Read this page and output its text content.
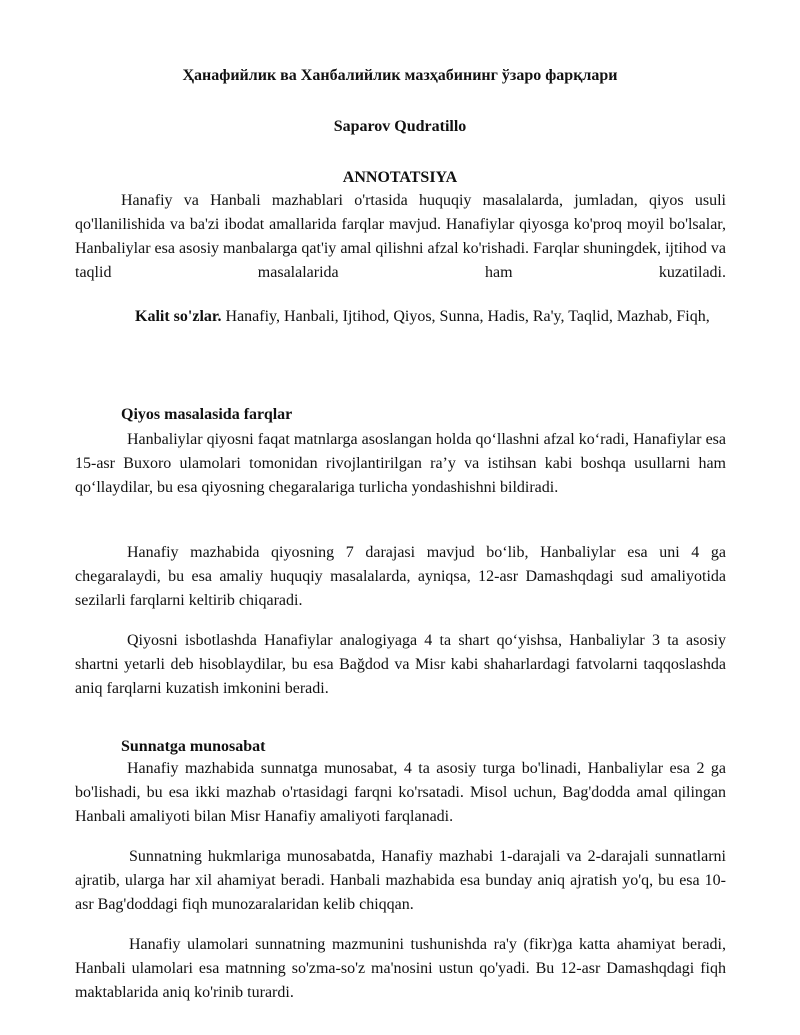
Ҳанафийлик ва Ханбалийлик мазҳабининг ўзаро фарқлари
Saparov Qudratillo
ANNOTATSIYA

Hanafiy va Hanbali mazhablari o'rtasida huquqiy masalalarda, jumladan, qiyos usuli qo'llanilishida va ba'zi ibodat amallarida farqlar mavjud. Hanafiylar qiyosga ko'proq moyil bo'lsalar, Hanbaliylar esa asosiy manbalarga qat'iy amal qilishni afzal ko'rishadi. Farqlar shuningdek, ijtihod va taqlid masalalarida ham kuzatiladi.

Kalit so'zlar. Hanafiy, Hanbali, Ijtihod, Qiyos, Sunna, Hadis, Ra'y, Taqlid, Mazhab, Fiqh,

Qiyos masalasida farqlar

Hanbaliylar qiyosni faqat matnlarga asoslangan holda qo‘llashni afzal ko‘radi, Hanafiylar esa 15-asr Buxoro ulamolari tomonidan rivojlantirilgan ra’y va istihsan kabi boshqa usullarni ham qo‘llaydilar, bu esa qiyosning chegaralariga turlicha yondashishni bildiradi.

Hanafiy mazhabida qiyosning 7 darajasi mavjud bo‘lib, Hanbaliylar esa uni 4 ga chegaralaydi, bu esa amaliy huquqiy masalalarda, ayniqsa, 12-asr Damashqdagi sud amaliyotida sezilarli farqlarni keltirib chiqaradi.

Qiyosni isbotlashda Hanafiylar analogiyaga 4 ta shart qo‘yishsa, Hanbaliylar 3 ta asosiy shartni yetarli deb hisoblaydilar, bu esa Bağdod va Misr kabi shaharlardagi fatvolarni taqqoslashda aniq farqlarni kuzatish imkonini beradi.

Sunnatga munosabat

Hanafiy mazhabida sunnatga munosabat, 4 ta asosiy turga bo'linadi, Hanbaliylar esa 2 ga bo'lishadi, bu esa ikki mazhab o'rtasidagi farqni ko'rsatadi. Misol uchun, Bag'dodda amal qilingan Hanbali amaliyoti bilan Misr Hanafiy amaliyoti farqlanadi.

Sunnatning hukmlariga munosabatda, Hanafiy mazhabi 1-darajali va 2-darajali sunnatlarni ajratib, ularga har xil ahamiyat beradi. Hanbali mazhabida esa bunday aniq ajratish yo'q, bu esa 10-asr Bag'doddagi fiqh munozaralaridan kelib chiqqan.

Hanafiy ulamolari sunnatning mazmunini tushunishda ra'y (fikr)ga katta ahamiyat beradi, Hanbali ulamolari esa matnning so'zma-so'z ma'nosini ustun qo'yadi. Bu 12-asr Damashqdagi fiqh maktablarida aniq ko'rinib turardi.
